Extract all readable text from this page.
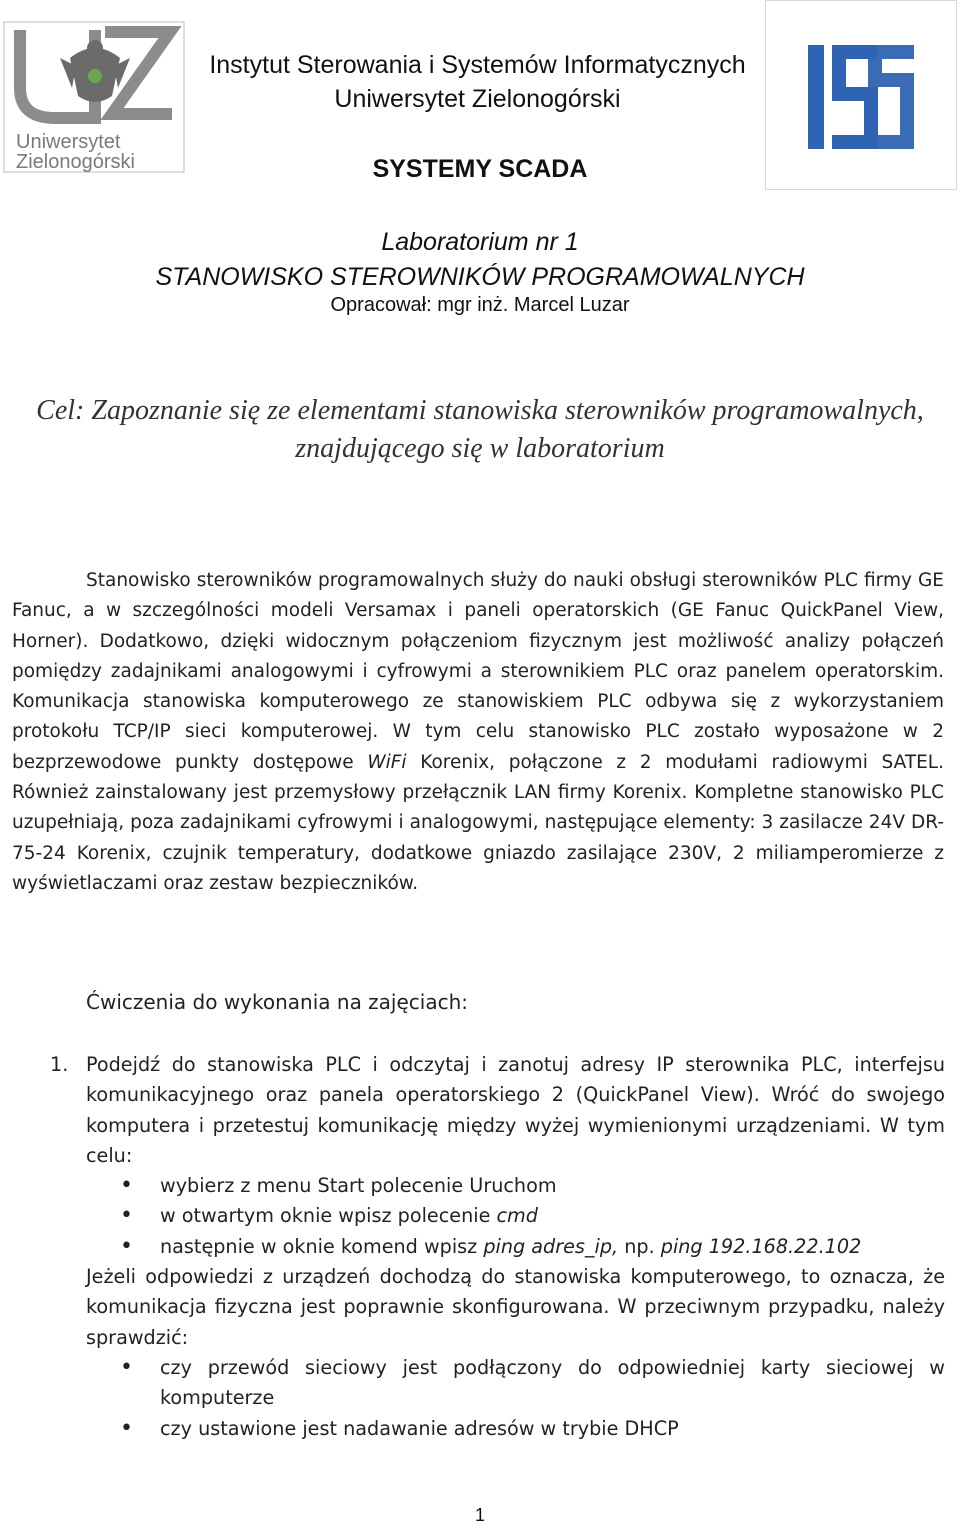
Uniwersytet
Zielonogórski
Instytut Sterowania i Systemów Informatycznych
Uniwersytet Zielonogórski
SYSTEMY SCADA
Laboratorium nr 1
STANOWISKO STEROWNIKÓW PROGRAMOWALNYCH
Opracował: mgr inż. Marcel Luzar
Cel: Zapoznanie się ze elementami stanowiska sterowników programowalnych,
znajdującego się w laboratorium
Stanowisko sterowników programowalnych służy do nauki obsługi sterowników PLC firmy GE Fanuc, a w szczególności modeli Versamax i paneli operatorskich (GE Fanuc QuickPanel View, Horner). Dodatkowo, dzięki widocznym połączeniom fizycznym jest możliwość analizy połączeń pomiędzy zadajnikami analogowymi i cyfrowymi a sterownikiem PLC oraz panelem operatorskim. Komunikacja stanowiska komputerowego ze stanowiskiem PLC odbywa się z wykorzystaniem protokołu TCP/IP sieci komputerowej. W tym celu stanowisko PLC zostało wyposażone w 2 bezprzewodowe punkty dostępowe WiFi Korenix, połączone z 2 modułami radiowymi SATEL. Również zainstalowany jest przemysłowy przełącznik LAN firmy Korenix. Kompletne stanowisko PLC uzupełniają, poza zadajnikami cyfrowymi i analogowymi, następujące elementy: 3 zasilacze 24V DR-75-24 Korenix, czujnik temperatury, dodatkowe gniazdo zasilające 230V, 2 miliamperomierze z wyświetlaczami oraz zestaw bezpieczników.
Ćwiczenia do wykonania na zajęciach:
1. Podejdź do stanowiska PLC i odczytaj i zanotuj adresy IP sterownika PLC, interfejsu komunikacyjnego oraz panela operatorskiego 2 (QuickPanel View). Wróć do swojego komputera i przetestuj komunikację między wyżej wymienionymi urządzeniami. W tym celu:
• wybierz z menu Start polecenie Uruchom
• w otwartym oknie wpisz polecenie cmd
• następnie w oknie komend wpisz ping adres_ip, np. ping 192.168.22.102
Jeżeli odpowiedzi z urządzeń dochodzą do stanowiska komputerowego, to oznacza, że komunikacja fizyczna jest poprawnie skonfigurowana. W przeciwnym przypadku, należy sprawdzić:
• czy przewód sieciowy jest podłączony do odpowiedniej karty sieciowej w komputerze
• czy ustawione jest nadawanie adresów w trybie DHCP
1
